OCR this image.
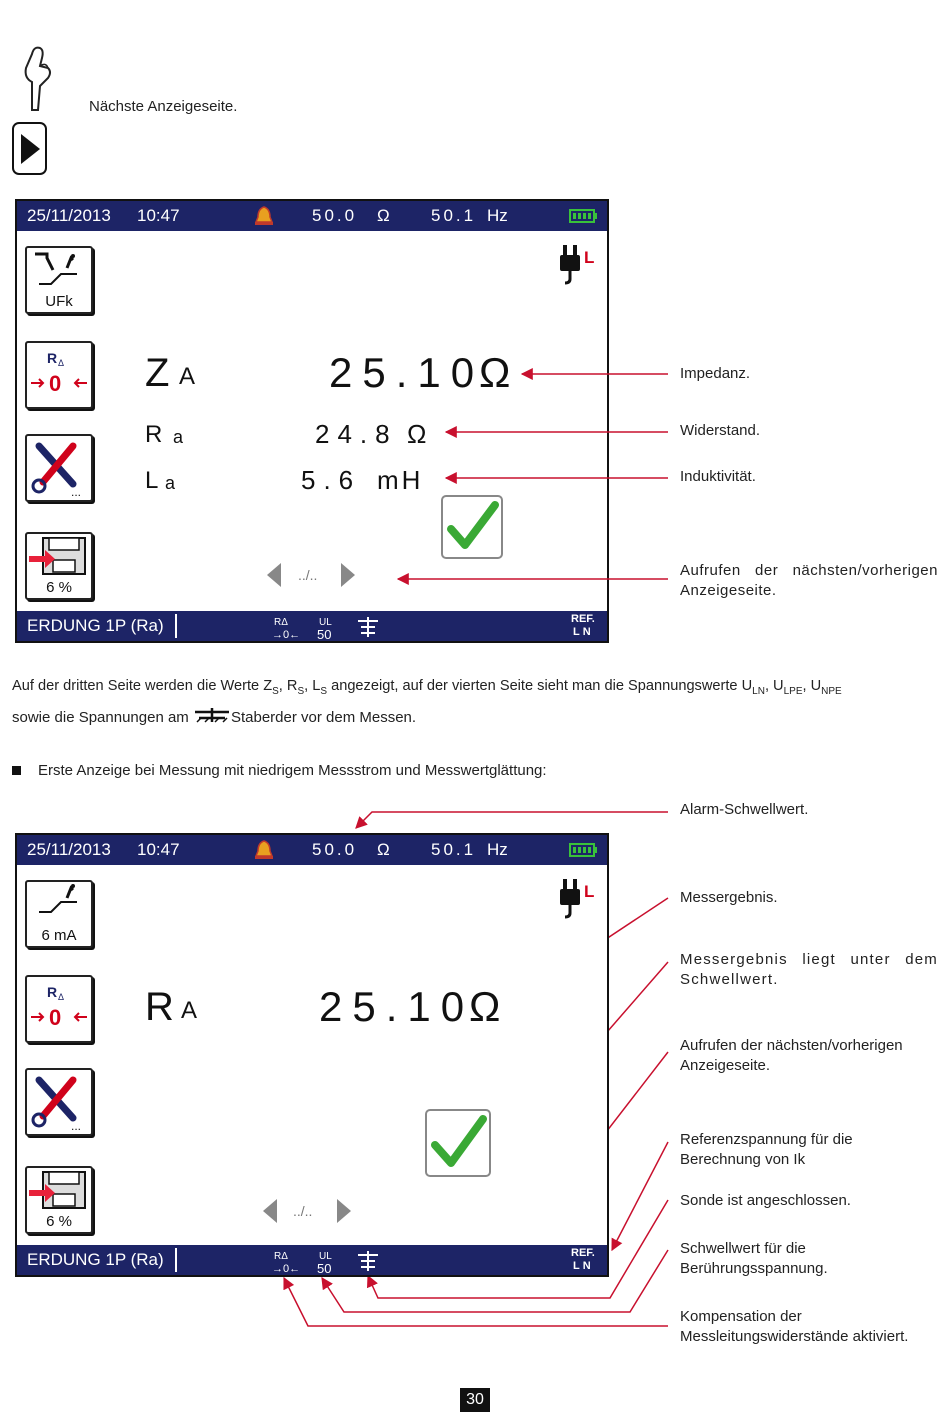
Nächste Anzeigeseite.
25/11/2013 10:47	50.0 Ω 50.1 Hz
L
UFk
R Δ
0
...
6 %
Z A	25.10
Ω
R a	24.8 Ω
L a	5.6 mH
../..
ERDUNG 1P (Ra)	RΔ
→0←
UL
50
REF.
LN
Impedanz.
Widerstand.
Induktivität.
Aufrufen der nächsten/vorherigen Anzeigeseite.
Auf der dritten Seite werden die Werte $Z_S$, $R_S$, $L_S$ angezeigt, auf der vierten Seite sieht man die Spannungswerte $U_{LN}$, $U_{LPE}$, $U_{NPE}$
sowie die Spannungen am	Staberder vor dem Messen.
Erste Anzeige bei Messung mit niedrigem Messstrom und Messwertglättung:
25/11/2013 10:47	50.0 Ω 50.1 Hz
L
6 mA
R Δ
0
...
6 %
R A	25.10
Ω
../..
ERDUNG 1P (Ra)	RΔ
→0←
UL
50
REF.
LN
Alarm-Schwellwert.
Messergebnis.
Messergebnis liegt unter dem Schwellwert.
Aufrufen der nächsten/vorherigen Anzeigeseite.
Referenzspannung für die Berechnung von Ik
Sonde ist angeschlossen.
Schwellwert für die Berührungsspannung.
Kompensation der Messleitungswiderstände aktiviert.
30
